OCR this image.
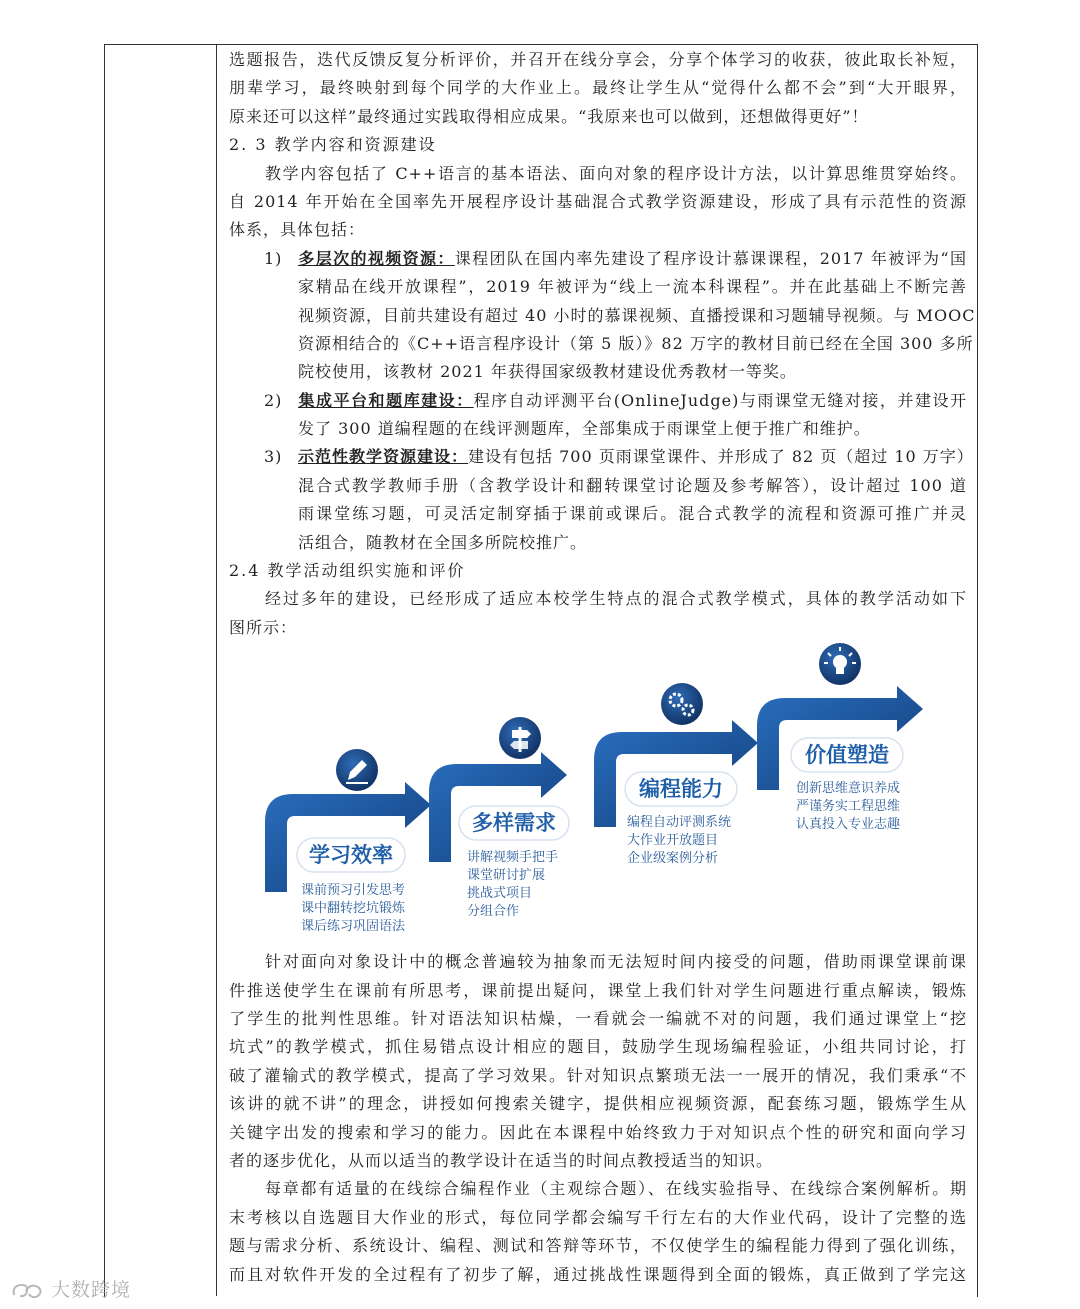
选题报告，迭代反馈反复分析评价，并召开在线分享会，分享个体学习的收获，彼此取长补短，
朋辈学习，最终映射到每个同学的大作业上。最终让学生从“觉得什么都不会”到“大开眼界，
原来还可以这样”最终通过实践取得相应成果。“我原来也可以做到，还想做得更好”！
2. 3 教学内容和资源建设
教学内容包括了 C++语言的基本语法、面向对象的程序设计方法，以计算思维贯穿始终。
自 2014 年开始在全国率先开展程序设计基础混合式教学资源建设，形成了具有示范性的资源
体系，具体包括：
1) 多层次的视频资源：课程团队在国内率先建设了程序设计慕课课程，2017 年被评为“国
家精品在线开放课程”，2019 年被评为“线上一流本科课程”。并在此基础上不断完善
视频资源，目前共建设有超过 40 小时的慕课视频、直播授课和习题辅导视频。与 MOOC
资源相结合的《C++语言程序设计（第 5 版）》82 万字的教材目前已经在全国 300 多所
院校使用，该教材 2021 年获得国家级教材建设优秀教材一等奖。
2) 集成平台和题库建设：程序自动评测平台(OnlineJudge)与雨课堂无缝对接，并建设开
发了 300 道编程题的在线评测题库，全部集成于雨课堂上便于推广和维护。
3) 示范性教学资源建设：建设有包括 700 页雨课堂课件、并形成了 82 页（超过 10 万字）
混合式教学教师手册（含教学设计和翻转课堂讨论题及参考解答），设计超过 100 道
雨课堂练习题，可灵活定制穿插于课前或课后。混合式教学的流程和资源可推广并灵
活组合，随教材在全国多所院校推广。
2.4 教学活动组织实施和评价
经过多年的建设，已经形成了适应本校学生特点的混合式教学模式，具体的教学活动如下
图所示：
学习效率
多样需求
编程能力
价值塑造
课前预习引发思考
课中翻转挖坑锻炼
课后练习巩固语法
讲解视频手把手
课堂研讨扩展
挑战式项目
分组合作
编程自动评测系统
大作业开放题目
企业级案例分析
创新思维意识养成
严谨务实工程思维
认真投入专业志趣
针对面向对象设计中的概念普遍较为抽象而无法短时间内接受的问题，借助雨课堂课前课
件推送使学生在课前有所思考，课前提出疑问，课堂上我们针对学生问题进行重点解读，锻炼
了学生的批判性思维。针对语法知识枯燥，一看就会一编就不对的问题，我们通过课堂上“挖
坑式”的教学模式，抓住易错点设计相应的题目，鼓励学生现场编程验证，小组共同讨论，打
破了灌输式的教学模式，提高了学习效果。针对知识点繁琐无法一一展开的情况，我们秉承“不
该讲的就不讲”的理念，讲授如何搜索关键字，提供相应视频资源，配套练习题，锻炼学生从
关键字出发的搜索和学习的能力。因此在本课程中始终致力于对知识点个性的研究和面向学习
者的逐步优化，从而以适当的教学设计在适当的时间点教授适当的知识。
每章都有适量的在线综合编程作业（主观综合题）、在线实验指导、在线综合案例解析。期
末考核以自选题目大作业的形式，每位同学都会编写千行左右的大作业代码，设计了完整的选
题与需求分析、系统设计、编程、测试和答辩等环节，不仅使学生的编程能力得到了强化训练，
而且对软件开发的全过程有了初步了解，通过挑战性课题得到全面的锻炼，真正做到了学完这
大数跨境
